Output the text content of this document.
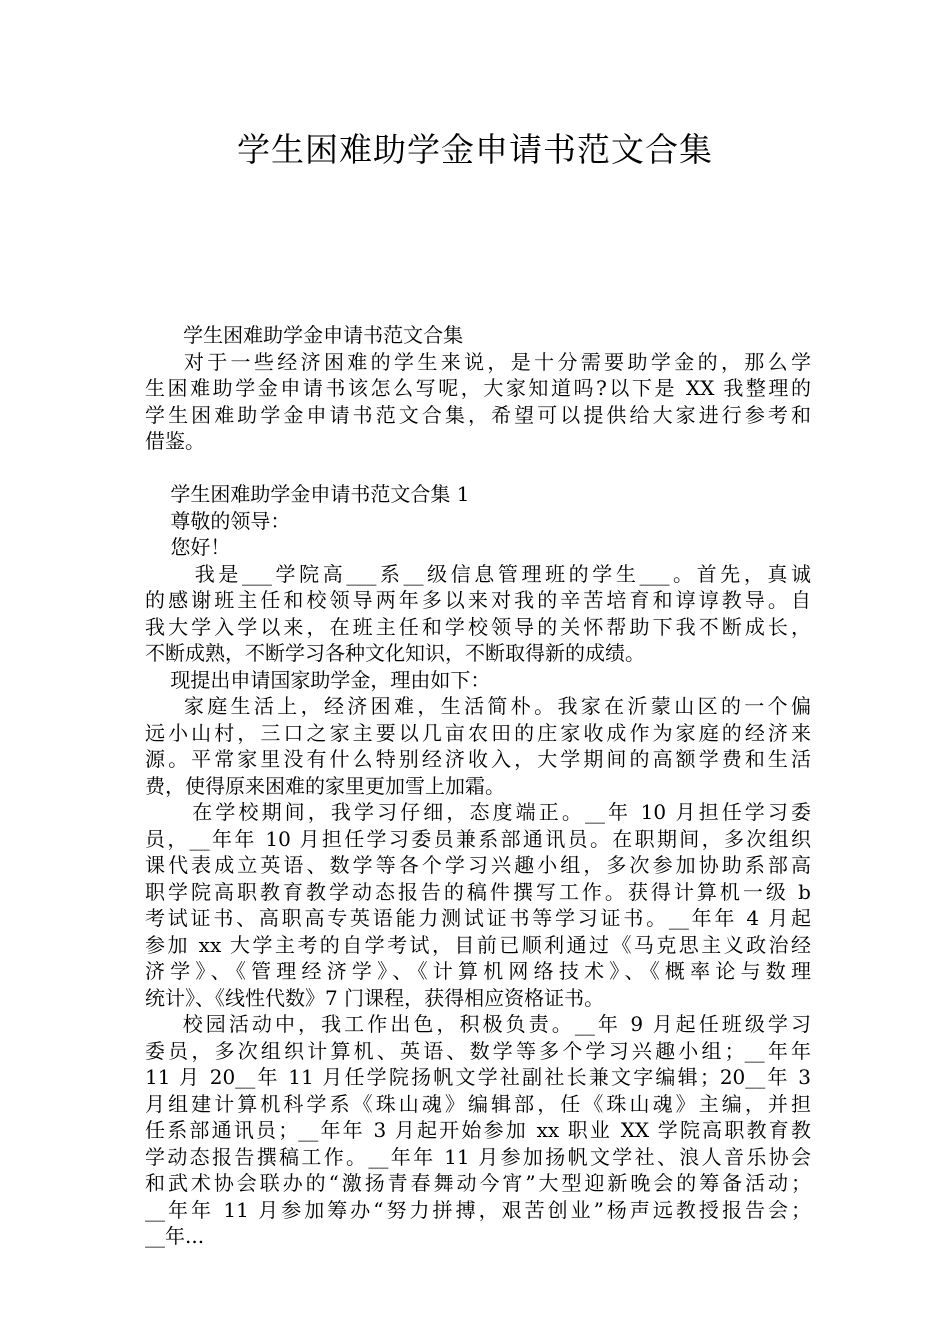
学生困难助学金申请书范文合集
学生困难助学金申请书范文合集
对于一些经济困难的学生来说，是十分需要助学金的，那么学
生困难助学金申请书该怎么写呢，大家知道吗?以下是 XX 我整理的
学生困难助学金申请书范文合集，希望可以提供给大家进行参考和
借鉴。
学生困难助学金申请书范文合集 1
尊敬的领导：
您好！
我是___学院高___系__级信息管理班的学生___。首先，真诚
的感谢班主任和校领导两年多以来对我的辛苦培育和谆谆教导。自
我大学入学以来，在班主任和学校领导的关怀帮助下我不断成长，
不断成熟，不断学习各种文化知识，不断取得新的成绩。
现提出申请国家助学金，理由如下：
家庭生活上，经济困难，生活简朴。我家在沂蒙山区的一个偏
远小山村，三口之家主要以几亩农田的庄家收成作为家庭的经济来
源。平常家里没有什么特别经济收入，大学期间的高额学费和生活
费，使得原来困难的家里更加雪上加霜。
在学校期间，我学习仔细，态度端正。__年 10 月担任学习委
员，__年年 10 月担任学习委员兼系部通讯员。在职期间，多次组织
课代表成立英语、数学等各个学习兴趣小组，多次参加协助系部高
职学院高职教育教学动态报告的稿件撰写工作。获得计算机一级 b
考试证书、高职高专英语能力测试证书等学习证书。__年年 4 月起
参加 xx 大学主考的自学考试，目前已顺利通过《马克思主义政治经
济学》、《管理经济学》、《计算机网络技术》、《概率论与数理
统计》、《线性代数》7 门课程，获得相应资格证书。
校园活动中，我工作出色，积极负责。__年 9 月起任班级学习
委员，多次组织计算机、英语、数学等多个学习兴趣小组；__年年
11 月 20__年 11 月任学院扬帆文学社副社长兼文字编辑；20__年 3
月组建计算机科学系《珠山魂》编辑部，任《珠山魂》主编，并担
任系部通讯员；__年年 3 月起开始参加 xx 职业 XX 学院高职教育教
学动态报告撰稿工作。__年年 11 月参加扬帆文学社、浪人音乐协会
和武术协会联办的“激扬青春舞动今宵”大型迎新晚会的筹备活动；
__年年 11 月参加筹办“努力拼搏，艰苦创业”杨声远教授报告会；
__年...
